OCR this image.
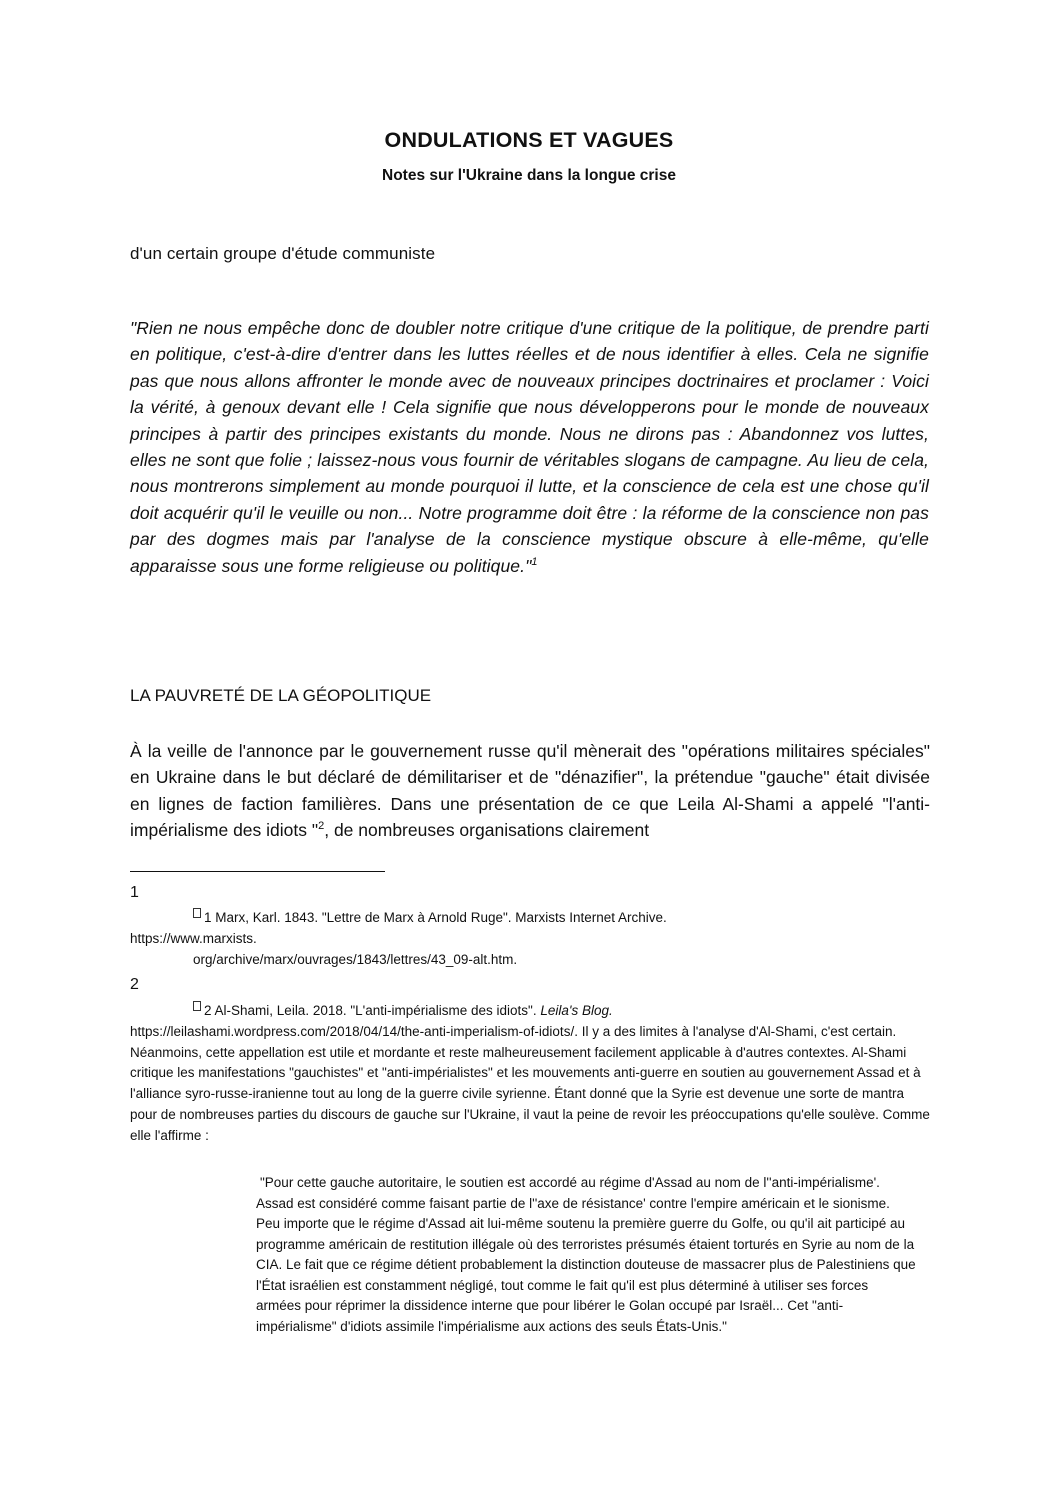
ONDULATIONS ET VAGUES
Notes sur l'Ukraine dans la longue crise
d'un certain groupe d'étude communiste
"Rien ne nous empêche donc de doubler notre critique d'une critique de la politique, de prendre parti en politique, c'est-à-dire d'entrer dans les luttes réelles et de nous identifier à elles. Cela ne signifie pas que nous allons affronter le monde avec de nouveaux principes doctrinaires et proclamer : Voici la vérité, à genoux devant elle ! Cela signifie que nous développerons pour le monde de nouveaux principes à partir des principes existants du monde. Nous ne dirons pas : Abandonnez vos luttes, elles ne sont que folie ; laissez-nous vous fournir de véritables slogans de campagne. Au lieu de cela, nous montrerons simplement au monde pourquoi il lutte, et la conscience de cela est une chose qu'il doit acquérir qu'il le veuille ou non... Notre programme doit être : la réforme de la conscience non pas par des dogmes mais par l'analyse de la conscience mystique obscure à elle-même, qu'elle apparaisse sous une forme religieuse ou politique."$^1$
LA PAUVRETÉ DE LA GÉOPOLITIQUE
À la veille de l'annonce par le gouvernement russe qu'il mènerait des "opérations militaires spéciales" en Ukraine dans le but déclaré de démilitariser et de "dénazifier", la prétendue "gauche" était divisée en lignes de faction familières. Dans une présentation de ce que Leila Al-Shami a appelé "l'anti-impérialisme des idiots "$^2$, de nombreuses organisations clairement
1
1 Marx, Karl. 1843. "Lettre de Marx à Arnold Ruge". Marxists Internet Archive.
https://www.marxists.
org/archive/marx/ouvrages/1843/lettres/43_09-alt.htm.
2
2 Al-Shami, Leila. 2018. "L'anti-impérialisme des idiots". Leila's Blog.
https://leilashami.wordpress.com/2018/04/14/the-anti-imperialism-of-idiots/. Il y a des limites à l'analyse d'Al-Shami, c'est certain. Néanmoins, cette appellation est utile et mordante et reste malheureusement facilement applicable à d'autres contextes. Al-Shami critique les manifestations "gauchistes" et "anti-impérialistes" et les mouvements anti-guerre en soutien au gouvernement Assad et à l'alliance syro-russe-iranienne tout au long de la guerre civile syrienne. Étant donné que la Syrie est devenue une sorte de mantra pour de nombreuses parties du discours de gauche sur l'Ukraine, il vaut la peine de revoir les préoccupations qu'elle soulève. Comme elle l'affirme :
"Pour cette gauche autoritaire, le soutien est accordé au régime d'Assad au nom de l''anti-impérialisme'. Assad est considéré comme faisant partie de l''axe de résistance' contre l'empire américain et le sionisme. Peu importe que le régime d'Assad ait lui-même soutenu la première guerre du Golfe, ou qu'il ait participé au programme américain de restitution illégale où des terroristes présumés étaient torturés en Syrie au nom de la CIA. Le fait que ce régime détient probablement la distinction douteuse de massacrer plus de Palestiniens que l'État israélien est constamment négligé, tout comme le fait qu'il est plus déterminé à utiliser ses forces armées pour réprimer la dissidence interne que pour libérer le Golan occupé par Israël... Cet "anti-impérialisme" d'idiots assimile l'impérialisme aux actions des seuls États-Unis."
